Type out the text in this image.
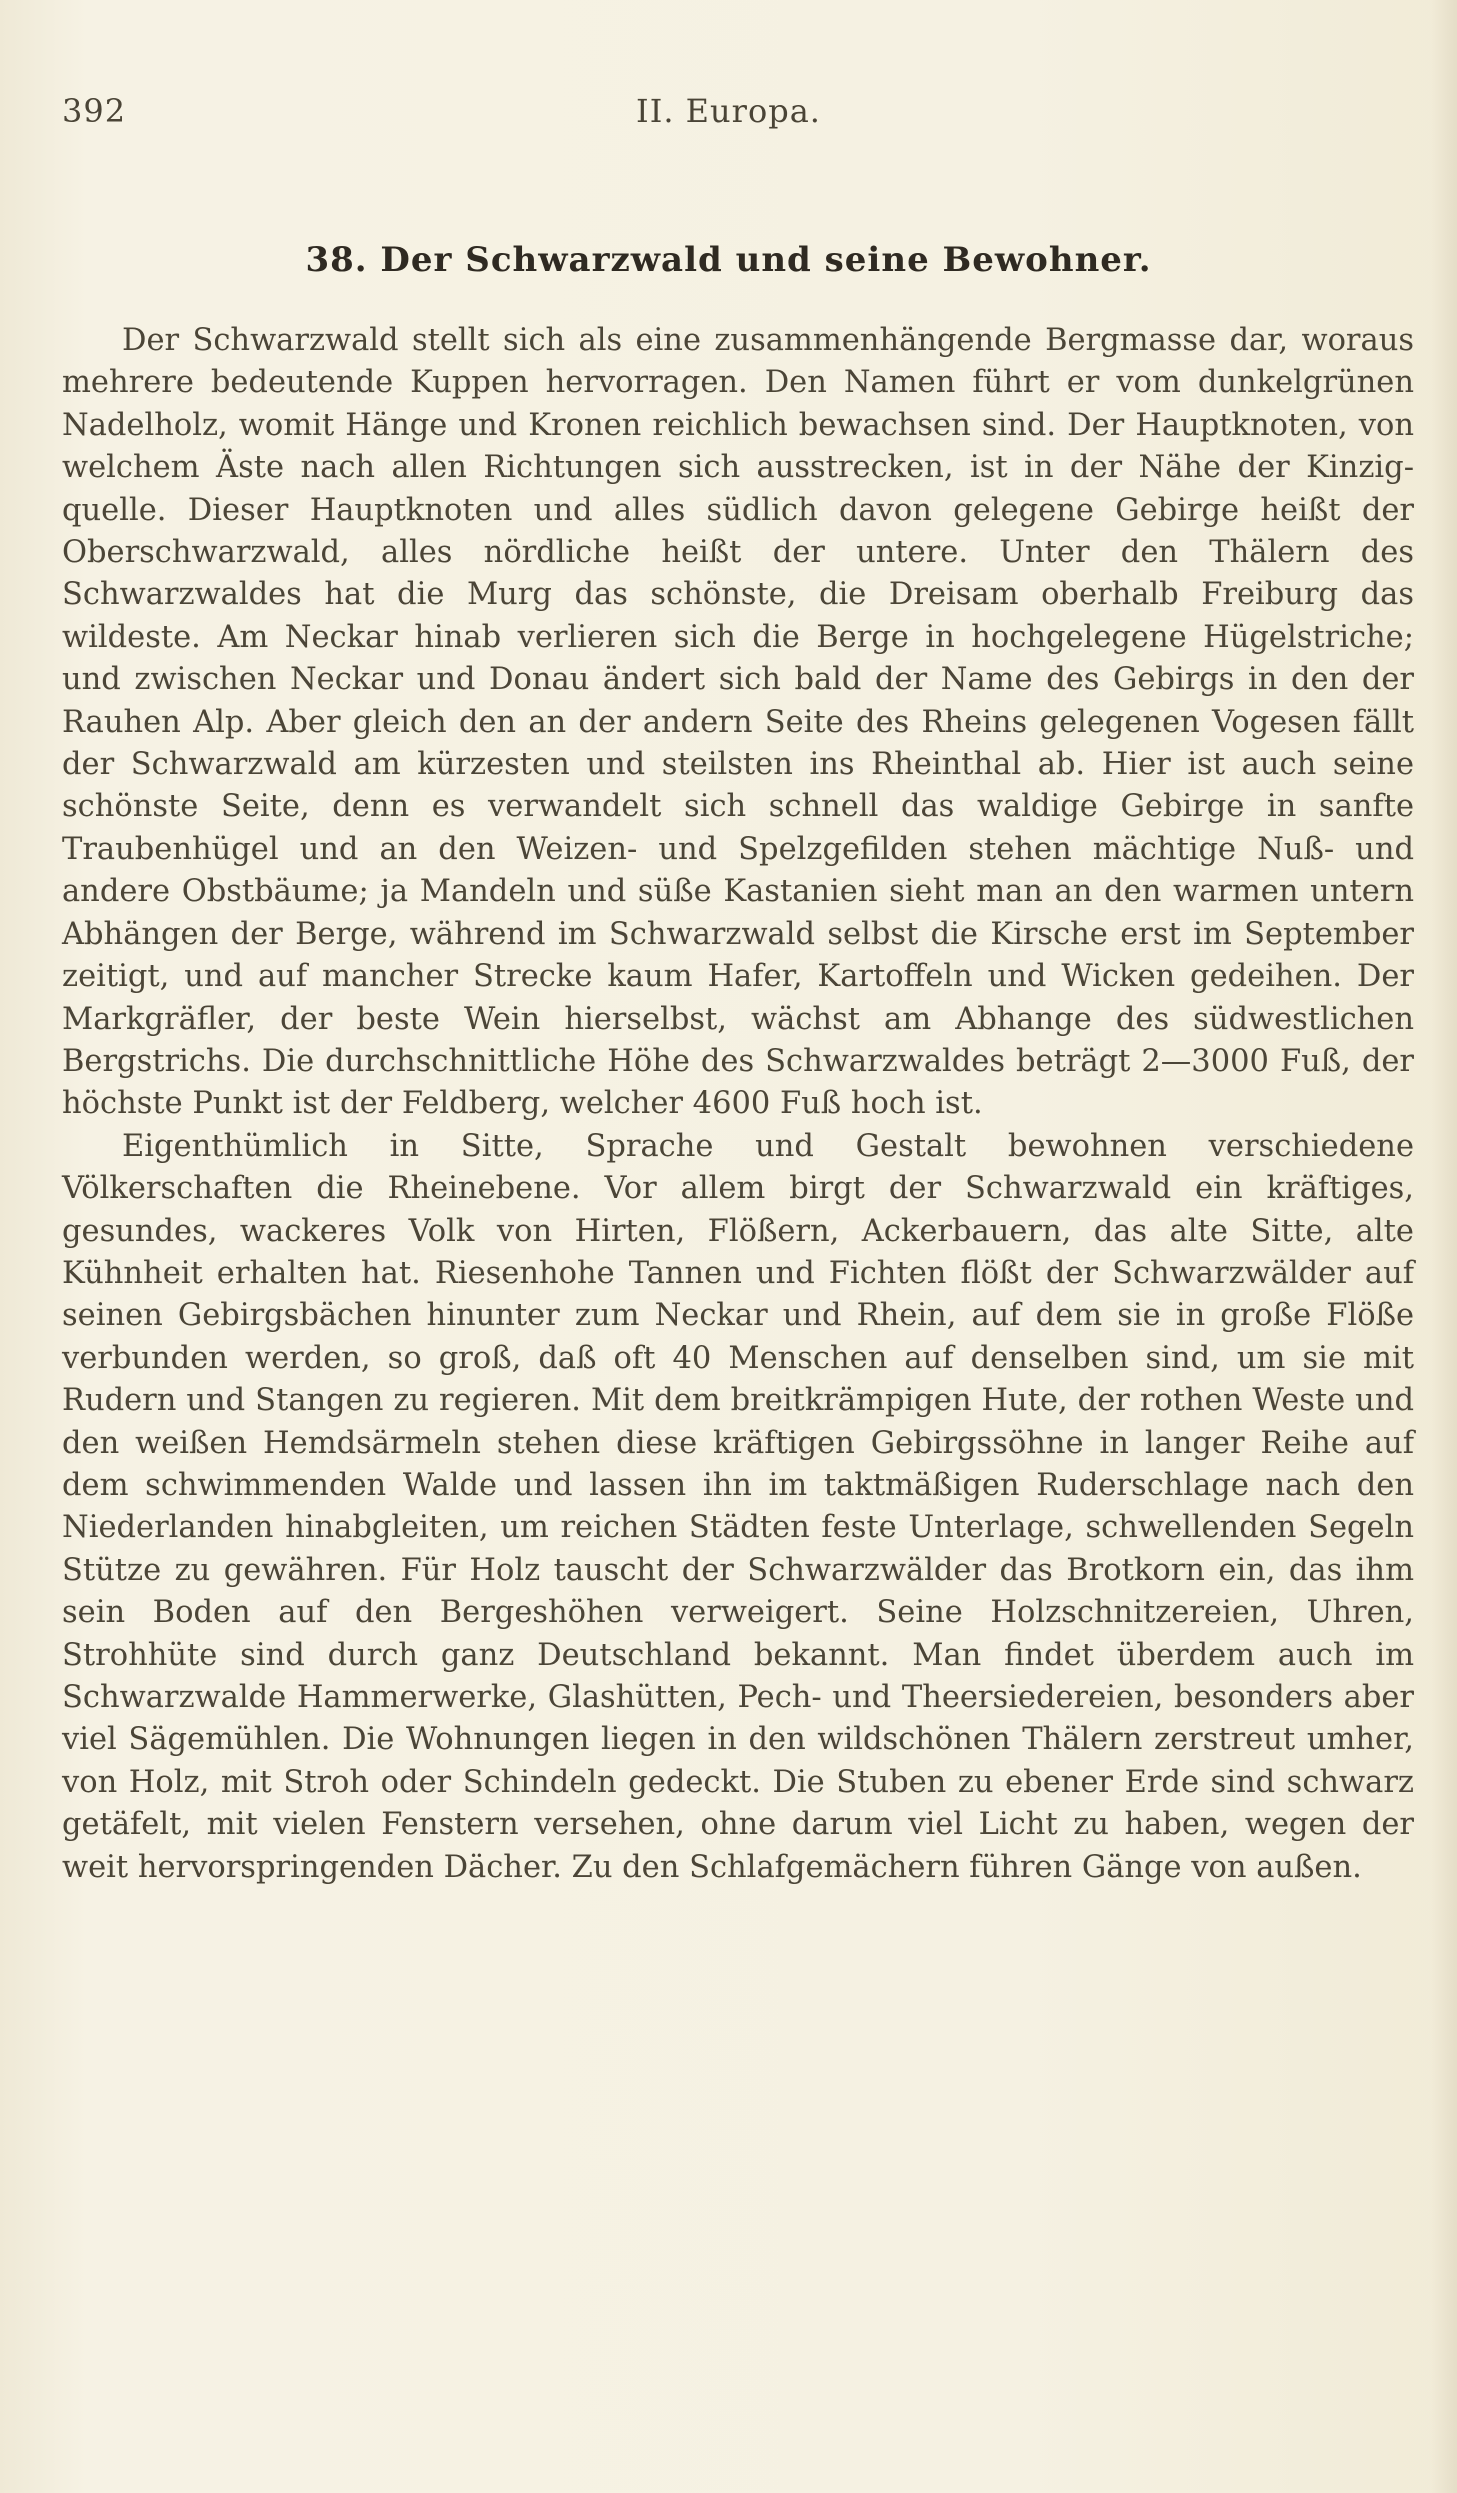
392	II. Europa.
38. Der Schwarzwald und seine Bewohner.

Der Schwarzwald stellt sich als eine zusammenhängende Bergmasse dar, woraus mehrere bedeutende Kuppen hervorragen. Den Namen führt er vom dunkelgrünen Nadelholz, womit Hänge und Kronen reichlich bewachsen sind. Der Hauptknoten, von welchem Äste nach allen Richtungen sich ausstrecken, ist in der Nähe der Kinzigquelle. Dieser Hauptknoten und alles südlich davon gelegene Gebirge heißt der Oberschwarzwald, alles nördliche heißt der untere. Unter den Thälern des Schwarzwaldes hat die Murg das schönste, die Dreisam oberhalb Freiburg das wildeste. Am Neckar hinab verlieren sich die Berge in hochgelegene Hügelstriche; und zwischen Neckar und Donau ändert sich bald der Name des Gebirgs in den der Rauhen Alp. Aber gleich den an der andern Seite des Rheins gelegenen Vogesen fällt der Schwarzwald am kürzesten und steilsten ins Rheinthal ab. Hier ist auch seine schönste Seite, denn es verwandelt sich schnell das waldige Gebirge in sanfte Traubenhügel und an den Weizen- und Spelzgefilden stehen mächtige Nuß- und andere Obstbäume; ja Mandeln und süße Kastanien sieht man an den warmen untern Abhängen der Berge, während im Schwarzwald selbst die Kirsche erst im September zeitigt, und auf mancher Strecke kaum Hafer, Kartoffeln und Wicken gedeihen. Der Markgräfler, der beste Wein hierselbst, wächst am Abhange des südwestlichen Bergstrichs. Die durchschnittliche Höhe des Schwarzwaldes beträgt 2—3000 Fuß, der höchste Punkt ist der Feldberg, welcher 4600 Fuß hoch ist.

Eigenthümlich in Sitte, Sprache und Gestalt bewohnen verschiedene Völkerschaften die Rheinebene. Vor allem birgt der Schwarzwald ein kräftiges, gesundes, wackeres Volk von Hirten, Flößern, Ackerbauern, das alte Sitte, alte Kühnheit erhalten hat. Riesenhohe Tannen und Fichten flößt der Schwarzwälder auf seinen Gebirgsbächen hinunter zum Neckar und Rhein, auf dem sie in große Flöße verbunden werden, so groß, daß oft 40 Menschen auf denselben sind, um sie mit Rudern und Stangen zu regieren. Mit dem breitkrämpigen Hute, der rothen Weste und den weißen Hemdsärmeln stehen diese kräftigen Gebirgssöhne in langer Reihe auf dem schwimmenden Walde und lassen ihn im taktmäßigen Ruderschlage nach den Niederlanden hinabgleiten, um reichen Städten feste Unterlage, schwellenden Segeln Stütze zu gewähren. Für Holz tauscht der Schwarzwälder das Brotkorn ein, das ihm sein Boden auf den Bergeshöhen verweigert. Seine Holzschnitzereien, Uhren, Strohhüte sind durch ganz Deutschland bekannt. Man findet überdem auch im Schwarzwalde Hammerwerke, Glashütten, Pech- und Theersiedereien, besonders aber viel Sägemühlen. Die Wohnungen liegen in den wildschönen Thälern zerstreut umher, von Holz, mit Stroh oder Schindeln gedeckt. Die Stuben zu ebener Erde sind schwarz getäfelt, mit vielen Fenstern versehen, ohne darum viel Licht zu haben, wegen der weit hervorspringenden Dächer. Zu den Schlafgemächern führen Gänge von außen.
